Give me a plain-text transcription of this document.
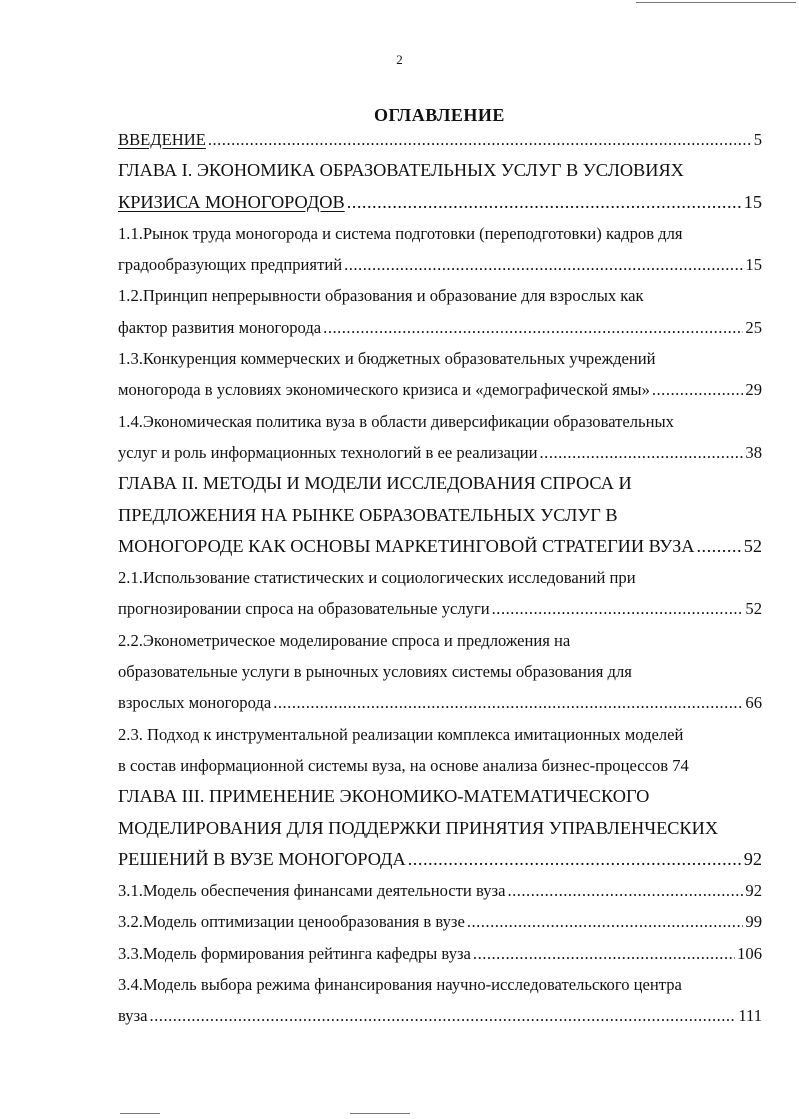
2
ОГЛАВЛЕНИЕ
ВВЕДЕНИЕ .....	5
ГЛАВА I. ЭКОНОМИКА ОБРАЗОВАТЕЛЬНЫХ УСЛУГ В УСЛОВИЯХ
КРИЗИСА МОНОГОРОДОВ .....	15
1.1.Рынок труда моногорода и система подготовки (переподготовки) кадров для
градообразующих предприятий .....	15
1.2.Принцип непрерывности образования и образование для взрослых как
фактор развития моногорода .....	25
1.3.Конкуренция коммерческих и бюджетных образовательных учреждений
моногорода в условиях экономического кризиса и «демографической ямы» .....	29
1.4.Экономическая политика вуза в области диверсификации образовательных
услуг и роль информационных технологий в ее реализации .....	38
ГЛАВА II. МЕТОДЫ И МОДЕЛИ ИССЛЕДОВАНИЯ СПРОСА И
ПРЕДЛОЖЕНИЯ НА РЫНКЕ ОБРАЗОВАТЕЛЬНЫХ УСЛУГ В
МОНОГОРОДЕ КАК ОСНОВЫ МАРКЕТИНГОВОЙ СТРАТЕГИИ ВУЗА .....	52
2.1.Использование статистических и социологических исследований при
прогнозировании спроса на образовательные услуги .....	52
2.2.Эконометрическое моделирование спроса и предложения на
образовательные услуги в рыночных условиях системы образования для
взрослых моногорода .....	66
2.3. Подход к инструментальной реализации комплекса имитационных моделей
в состав информационной системы вуза, на основе анализа бизнес-процессов 74
ГЛАВА III. ПРИМЕНЕНИЕ ЭКОНОМИКО-МАТЕМАТИЧЕСКОГО
МОДЕЛИРОВАНИЯ ДЛЯ ПОДДЕРЖКИ ПРИНЯТИЯ УПРАВЛЕНЧЕСКИХ
РЕШЕНИЙ В ВУЗЕ МОНОГОРОДА .....	92
3.1.Модель обеспечения финансами деятельности вуза .....	92
3.2.Модель оптимизации ценообразования в вузе .....	99
3.3.Модель формирования рейтинга кафедры вуза .....	106
3.4.Модель выбора режима финансирования научно-исследовательского центра
вуза .....	111
